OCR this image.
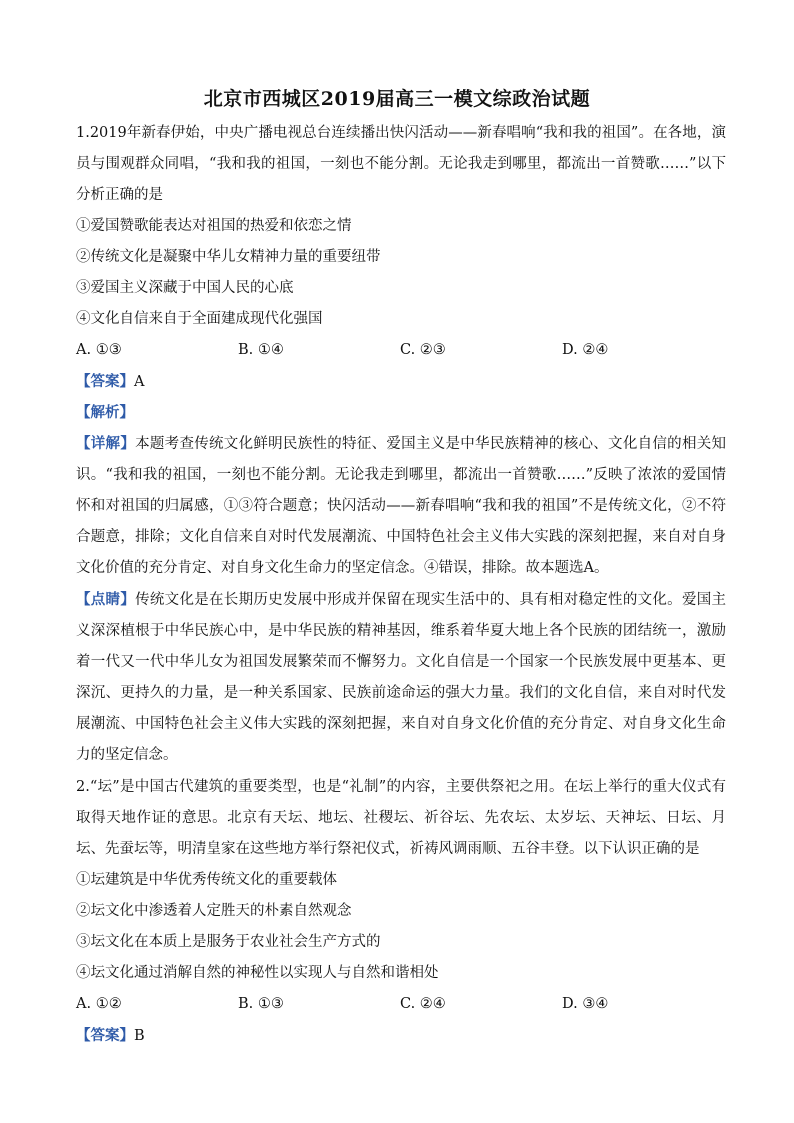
北京市西城区2019届高三一模文综政治试题

1.2019年新春伊始，中央广播电视总台连续播出快闪活动——新春唱响“我和我的祖国”。在各地，演员与围观群众同唱，“我和我的祖国，一刻也不能分割。无论我走到哪里，都流出一首赞歌……”以下分析正确的是

①爱国赞歌能表达对祖国的热爱和依恋之情
②传统文化是凝聚中华儿女精神力量的重要纽带
③爱国主义深藏于中国人民的心底
④文化自信来自于全面建成现代化强国
A. ①③	B. ①④	C. ②③	D. ②④
【答案】A
【解析】

【详解】本题考查传统文化鲜明民族性的特征、爱国主义是中华民族精神的核心、文化自信的相关知识。“我和我的祖国，一刻也不能分割。无论我走到哪里，都流出一首赞歌……”反映了浓浓的爱国情怀和对祖国的归属感，①③符合题意；快闪活动——新春唱响“我和我的祖国”不是传统文化，②不符合题意，排除；文化自信来自对时代发展潮流、中国特色社会主义伟大实践的深刻把握，来自对自身文化价值的充分肯定、对自身文化生命力的坚定信念。④错误，排除。故本题选A。

【点睛】传统文化是在长期历史发展中形成并保留在现实生活中的、具有相对稳定性的文化。爱国主义深深植根于中华民族心中，是中华民族的精神基因，维系着华夏大地上各个民族的团结统一，激励着一代又一代中华儿女为祖国发展繁荣而不懈努力。文化自信是一个国家一个民族发展中更基本、更深沉、更持久的力量，是一种关系国家、民族前途命运的强大力量。我们的文化自信，来自对时代发展潮流、中国特色社会主义伟大实践的深刻把握，来自对自身文化价值的充分肯定、对自身文化生命力的坚定信念。

2.“坛”是中国古代建筑的重要类型，也是“礼制”的内容，主要供祭祀之用。在坛上举行的重大仪式有取得天地作证的意思。北京有天坛、地坛、社稷坛、祈谷坛、先农坛、太岁坛、天神坛、日坛、月坛、先蚕坛等，明清皇家在这些地方举行祭祀仪式，祈祷风调雨顺、五谷丰登。以下认识正确的是

①坛建筑是中华优秀传统文化的重要载体
②坛文化中渗透着人定胜天的朴素自然观念
③坛文化在本质上是服务于农业社会生产方式的
④坛文化通过消解自然的神秘性以实现人与自然和谐相处
A. ①②	B. ①③	C. ②④	D. ③④
【答案】B
